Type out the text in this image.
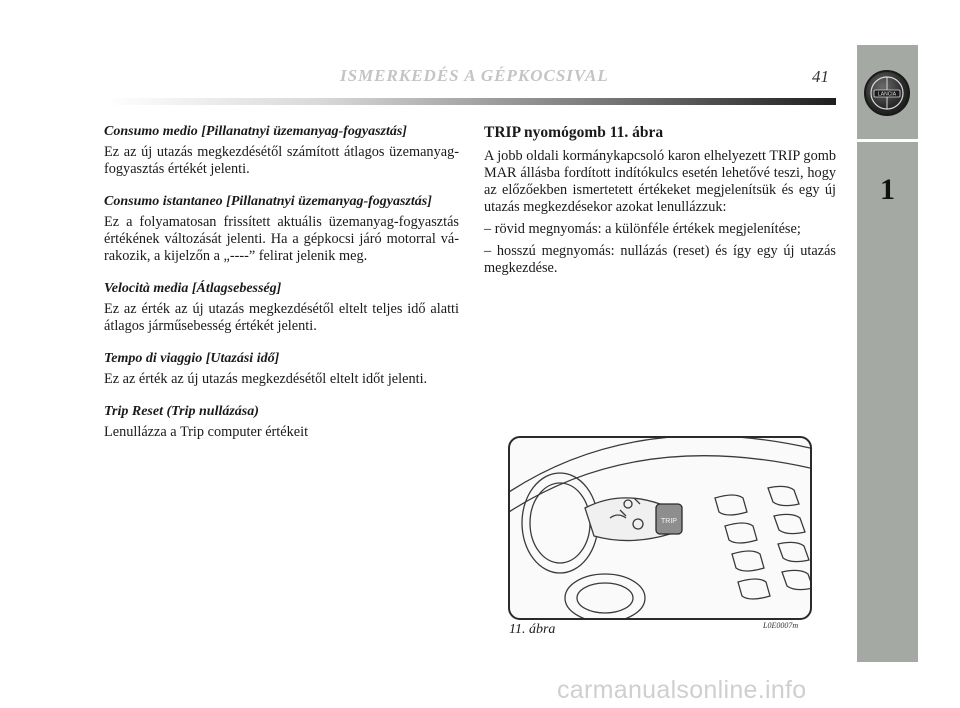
ISMERKEDÉS A GÉPKOCSIVAL	41
LANCIA
1

Consumo medio [Pillanatnyi üzemanyag-fogyasztás]

Ez az új utazás megkezdésétől számított átlagos üzemanyag-fogyasztás értékét jelenti.

Consumo istantaneo [Pillanatnyi üzemanyag-fogyasztás]

Ez a folyamatosan frissített aktuális üzemanyag-fogyasztás értékének változását jelenti. Ha a gépkocsi járó motorral vá-rakozik, a kijelzőn a „----” felirat jelenik meg.

Velocità media [Átlagsebesség]

Ez az érték az új utazás megkezdésétől eltelt teljes idő alatti átlagos járműsebesség értékét jelenti.

Tempo di viaggio [Utazási idő]

Ez az érték az új utazás megkezdésétől eltelt időt jelenti.

Trip Reset (Trip nullázása)

Lenullázza a Trip computer értékeit

TRIP nyomógomb 11. ábra

A jobb oldali kormánykapcsoló karon elhelyezett TRIP gomb MAR állásba fordított indítókulcs esetén lehetővé teszi, hogy az előzőekben ismertetett értékeket megjelenítsük és egy új utazás megkezdésekor azokat lenullázzuk:

– rövid megnyomás: a különféle értékek megjelenítése;

– hosszú megnyomás: nullázás (reset) és így egy új utazás megkezdése.

TRIP
11. ábra	L0E0007m
carmanualsonline.info
